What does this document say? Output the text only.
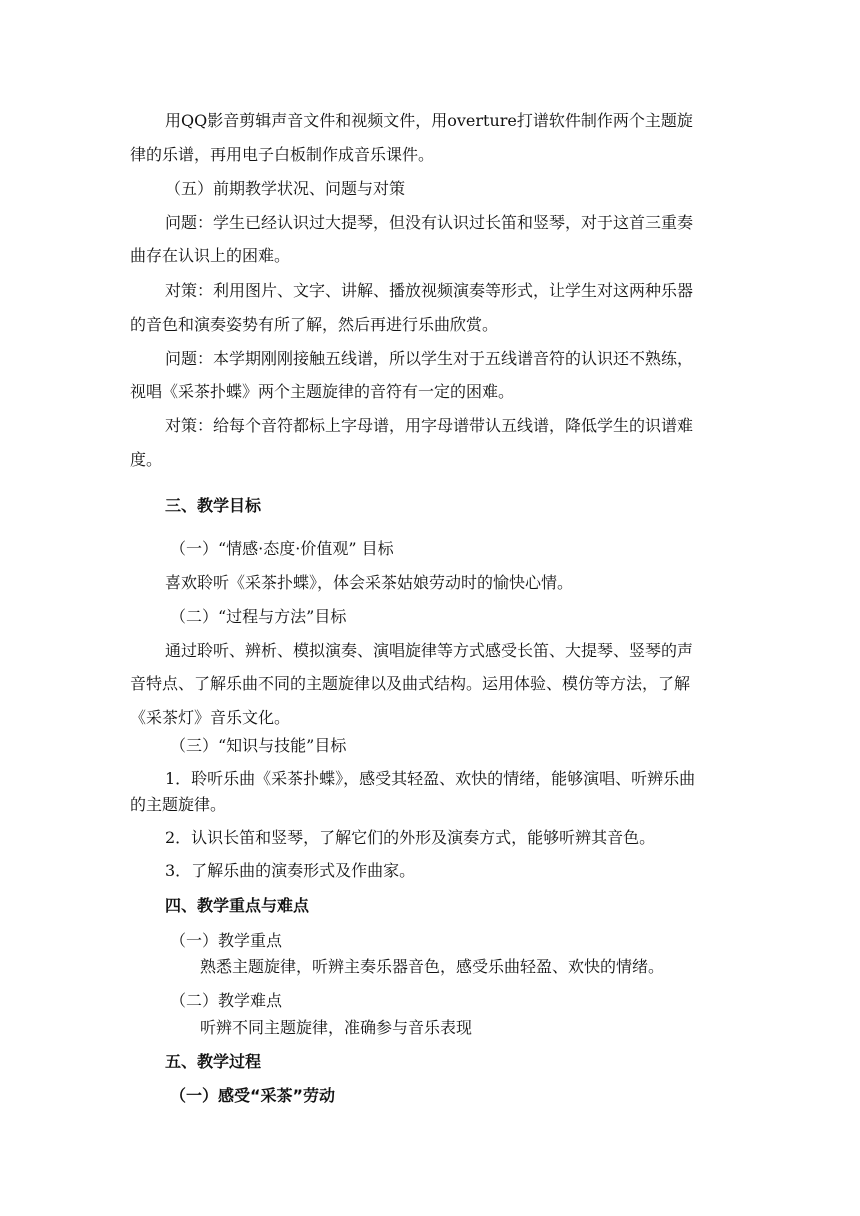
用QQ影音剪辑声音文件和视频文件，用overture打谱软件制作两个主题旋
律的乐谱，再用电子白板制作成音乐课件。
（五）前期教学状况、问题与对策
问题：学生已经认识过大提琴，但没有认识过长笛和竖琴，对于这首三重奏
曲存在认识上的困难。
对策：利用图片、文字、讲解、播放视频演奏等形式，让学生对这两种乐器
的音色和演奏姿势有所了解，然后再进行乐曲欣赏。
问题：本学期刚刚接触五线谱，所以学生对于五线谱音符的认识还不熟练，
视唱《采茶扑蝶》两个主题旋律的音符有一定的困难。
对策：给每个音符都标上字母谱，用字母谱带认五线谱，降低学生的识谱难
度。
三、教学目标
（一）“情感·态度·价值观” 目标
喜欢聆听《采茶扑蝶》，体会采茶姑娘劳动时的愉快心情。
（二）“过程与方法”目标
通过聆听、辨析、模拟演奏、演唱旋律等方式感受长笛、大提琴、竖琴的声
音特点、了解乐曲不同的主题旋律以及曲式结构。运用体验、模仿等方法，了解
《采茶灯》音乐文化。
（三）“知识与技能”目标
1．聆听乐曲《采茶扑蝶》，感受其轻盈、欢快的情绪，能够演唱、听辨乐曲
的主题旋律。
2．认识长笛和竖琴，了解它们的外形及演奏方式，能够听辨其音色。
3．了解乐曲的演奏形式及作曲家。
四、教学重点与难点
（一）教学重点
熟悉主题旋律，听辨主奏乐器音色，感受乐曲轻盈、欢快的情绪。
（二）教学难点
听辨不同主题旋律，准确参与音乐表现
五、教学过程
（一）感受“采茶”劳动
